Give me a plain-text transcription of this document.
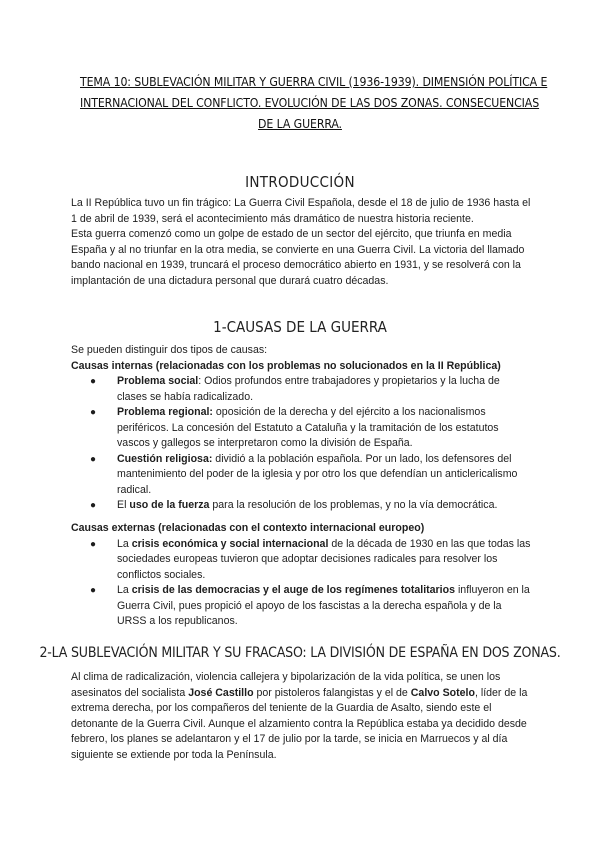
TEMA 10: SUBLEVACIÓN MILITAR Y GUERRA CIVIL (1936-1939). DIMENSIÓN POLÍTICA E
INTERNACIONAL DEL CONFLICTO. EVOLUCIÓN DE LAS DOS ZONAS. CONSECUENCIAS
DE LA GUERRA.
INTRODUCCIÓN

La II República tuvo un fin trágico: La Guerra Civil Española, desde el 18 de julio de 1936 hasta el 1 de abril de 1939, será el acontecimiento más dramático de nuestra historia reciente.

Esta guerra comenzó como un golpe de estado de un sector del ejército, que triunfa en media España y al no triunfar en la otra media, se convierte en una Guerra Civil. La victoria del llamado bando nacional en 1939, truncará el proceso democrático abierto en 1931, y se resolverá con la implantación de una dictadura personal que durará cuatro décadas.

1-CAUSAS DE LA GUERRA

Se pueden distinguir dos tipos de causas:

Causas internas (relacionadas con los problemas no solucionados en la II República)

● Problema social: Odios profundos entre trabajadores y propietarios y la lucha de clases se había radicalizado.
● Problema regional: oposición de la derecha y del ejército a los nacionalismos periféricos. La concesión del Estatuto a Cataluña y la tramitación de los estatutos vascos y gallegos se interpretaron como la división de España.
● Cuestión religiosa: dividió a la población española. Por un lado, los defensores del mantenimiento del poder de la iglesia y por otro los que defendían un anticlericalismo radical.
● El uso de la fuerza para la resolución de los problemas, y no la vía democrática.

Causas externas (relacionadas con el contexto internacional europeo)

● La crisis económica y social internacional de la década de 1930 en las que todas las sociedades europeas tuvieron que adoptar decisiones radicales para resolver los conflictos sociales.
● La crisis de las democracias y el auge de los regímenes totalitarios influyeron en la Guerra Civil, pues propició el apoyo de los fascistas a la derecha española y de la URSS a los republicanos.
2-LA SUBLEVACIÓN MILITAR Y SU FRACASO: LA DIVISIÓN DE ESPAÑA EN DOS ZONAS.

Al clima de radicalización, violencia callejera y bipolarización de la vida política, se unen los asesinatos del socialista José Castillo por pistoleros falangistas y el de Calvo Sotelo, líder de la extrema derecha, por los compañeros del teniente de la Guardia de Asalto, siendo este el detonante de la Guerra Civil. Aunque el alzamiento contra la República estaba ya decidido desde febrero, los planes se adelantaron y el 17 de julio por la tarde, se inicia en Marruecos y al día siguiente se extiende por toda la Península.
